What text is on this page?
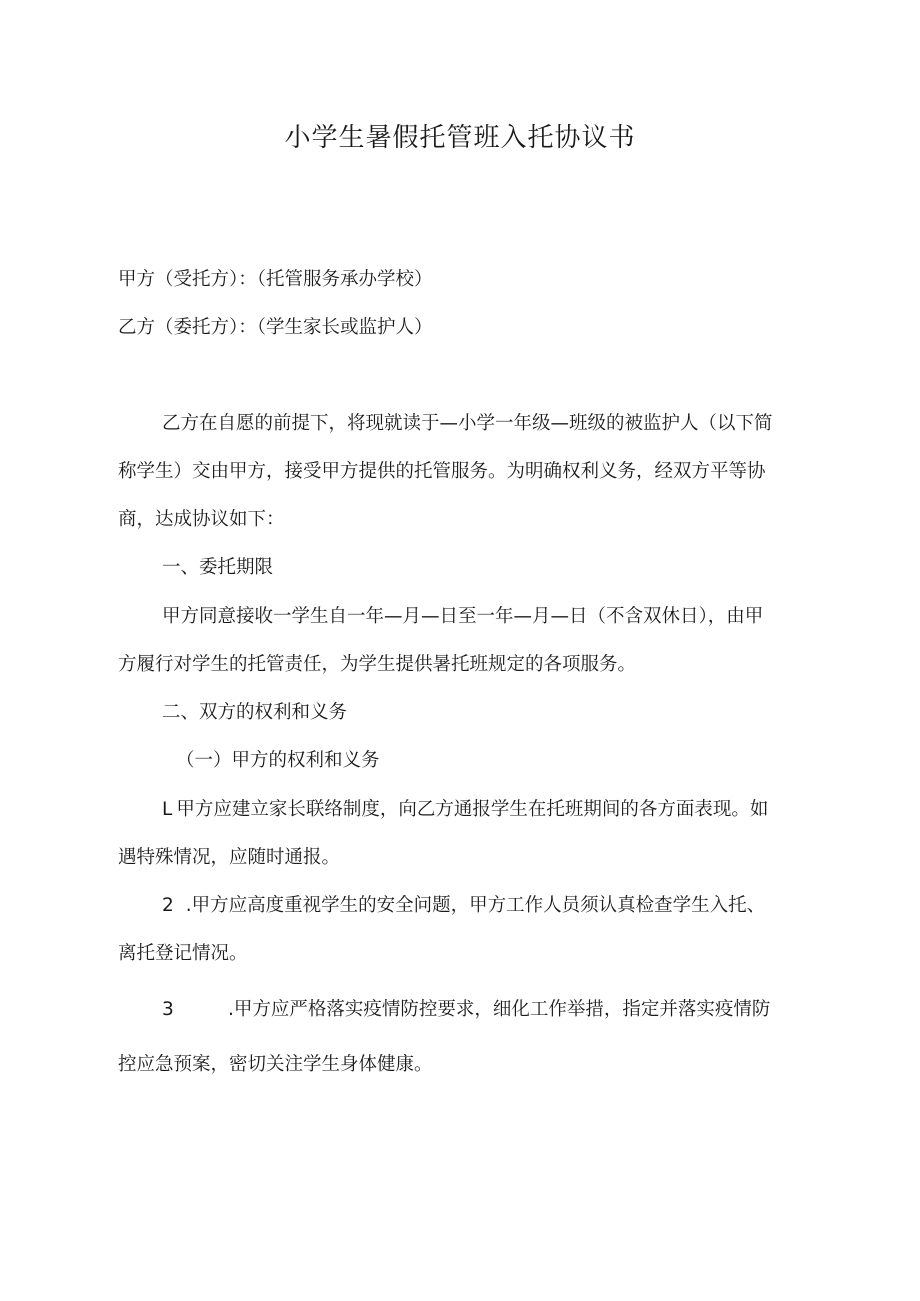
小学生暑假托管班入托协议书
甲方（受托方）：（托管服务承办学校）
乙方（委托方）：（学生家长或监护人）
乙方在自愿的前提下，将现就读于—小学一年级—班级的被监护人（以下简
称学生）交由甲方，接受甲方提供的托管服务。为明确权利义务，经双方平等协
商，达成协议如下：
一、委托期限
甲方同意接收一学生自一年—月—日至一年—月—日（不含双休日），由甲
方履行对学生的托管责任，为学生提供暑托班规定的各项服务。
二、双方的权利和义务
（一）甲方的权利和义务
L 甲方应建立家长联络制度，向乙方通报学生在托班期间的各方面表现。如
遇特殊情况，应随时通报。
2 .甲方应高度重视学生的安全问题，甲方工作人员须认真检查学生入托、
离托登记情况。
3	.甲方应严格落实疫情防控要求，细化工作举措，指定并落实疫情防
控应急预案，密切关注学生身体健康。
